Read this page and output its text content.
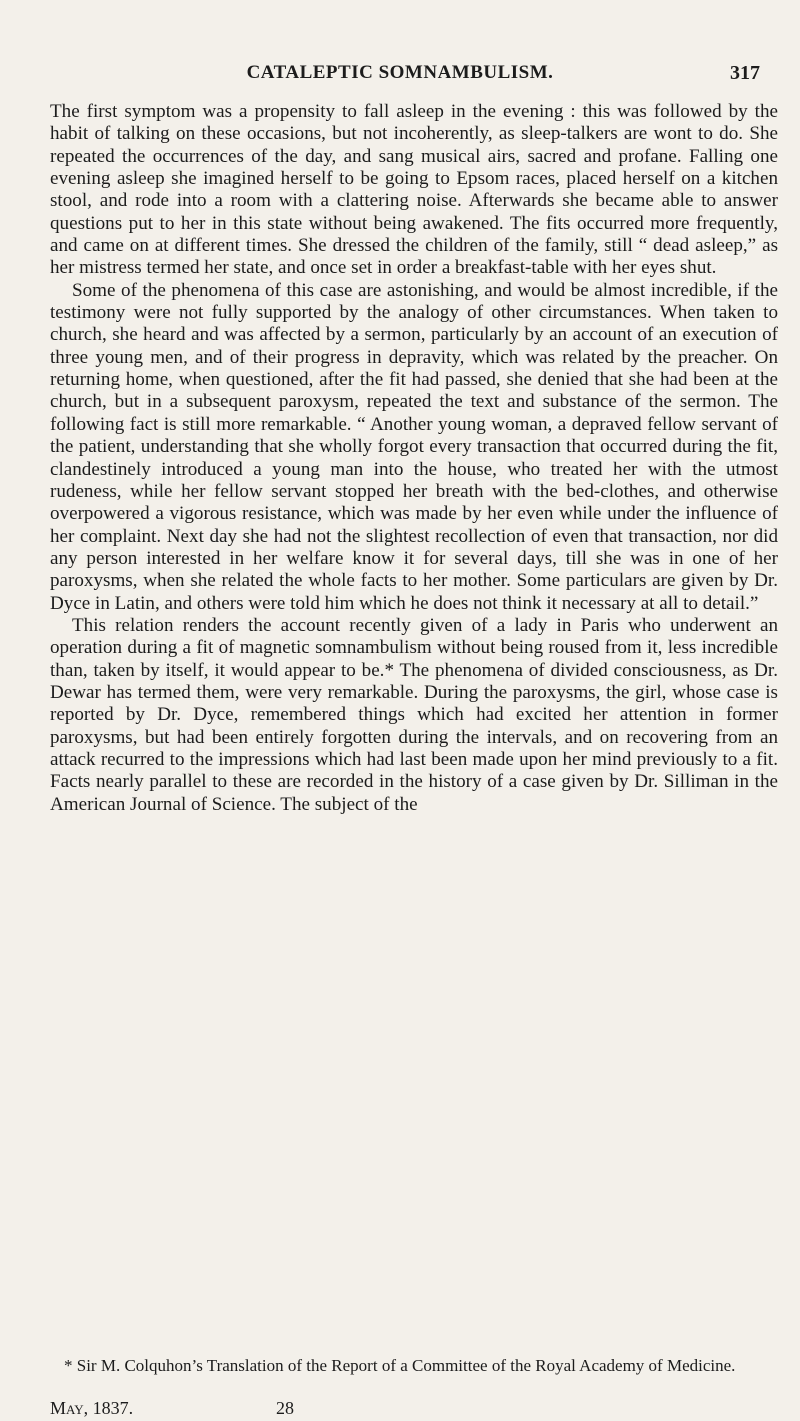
CATALEPTIC SOMNAMBULISM.	317

The first symptom was a propensity to fall asleep in the evening : this was followed by the habit of talking on these occasions, but not incoherently, as sleep-talkers are wont to do. She repeated the occurrences of the day, and sang musical airs, sacred and profane. Falling one evening asleep she imagined herself to be going to Epsom races, placed herself on a kitchen stool, and rode into a room with a clattering noise. Afterwards she became able to answer questions put to her in this state without being awakened. The fits occurred more frequently, and came on at different times. She dressed the children of the family, still “ dead asleep,” as her mistress termed her state, and once set in order a breakfast-table with her eyes shut.

Some of the phenomena of this case are astonishing, and would be almost incredible, if the testimony were not fully supported by the analogy of other circumstances. When taken to church, she heard and was affected by a sermon, particularly by an account of an execution of three young men, and of their progress in depravity, which was related by the preacher. On returning home, when questioned, after the fit had passed, she denied that she had been at the church, but in a subsequent paroxysm, repeated the text and substance of the sermon. The following fact is still more remarkable. “ Another young woman, a depraved fellow servant of the patient, understanding that she wholly forgot every transaction that occurred during the fit, clandestinely introduced a young man into the house, who treated her with the utmost rudeness, while her fellow servant stopped her breath with the bed-clothes, and otherwise overpowered a vigorous resistance, which was made by her even while under the influence of her complaint. Next day she had not the slightest recollection of even that transaction, nor did any person interested in her welfare know it for several days, till she was in one of her paroxysms, when she related the whole facts to her mother. Some particulars are given by Dr. Dyce in Latin, and others were told him which he does not think it necessary at all to detail.”

This relation renders the account recently given of a lady in Paris who underwent an operation during a fit of magnetic somnambulism without being roused from it, less incredible than, taken by itself, it would appear to be.* The phenomena of divided consciousness, as Dr. Dewar has termed them, were very remarkable. During the paroxysms, the girl, whose case is reported by Dr. Dyce, remembered things which had excited her attention in former paroxysms, but had been entirely forgotten during the intervals, and on recovering from an attack recurred to the impressions which had last been made upon her mind previously to a fit. Facts nearly parallel to these are recorded in the history of a case given by Dr. Silliman in the American Journal of Science. The subject of the

* Sir M. Colquhon’s Translation of the Report of a Committee of the Royal Academy of Medicine.

May, 1837.	28
